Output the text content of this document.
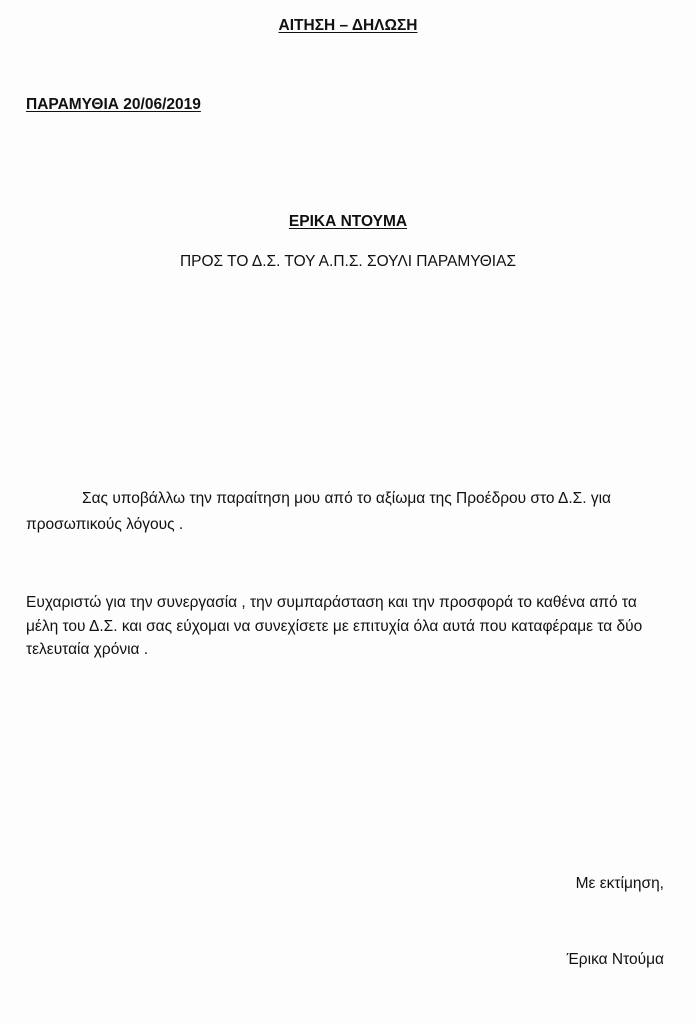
ΑΙΤΗΣΗ – ΔΗΛΩΣΗ
ΠΑΡΑΜΥΘΙΑ 20/06/2019
ΕΡΙΚΑ ΝΤΟΥΜΑ
ΠΡΟΣ ΤΟ Δ.Σ. ΤΟΥ Α.Π.Σ. ΣΟΥΛΙ ΠΑΡΑΜΥΘΙΑΣ
Σας υποβάλλω την παραίτηση μου από το αξίωμα της Προέδρου στο Δ.Σ. για
προσωπικούς λόγους .
Ευχαριστώ για την συνεργασία , την συμπαράσταση και την προσφορά το καθένα από τα
μέλη του Δ.Σ. και σας εύχομαι να συνεχίσετε με επιτυχία όλα αυτά που καταφέραμε τα δύο
τελευταία χρόνια .
Με εκτίμηση,
Έρικα Ντούμα
